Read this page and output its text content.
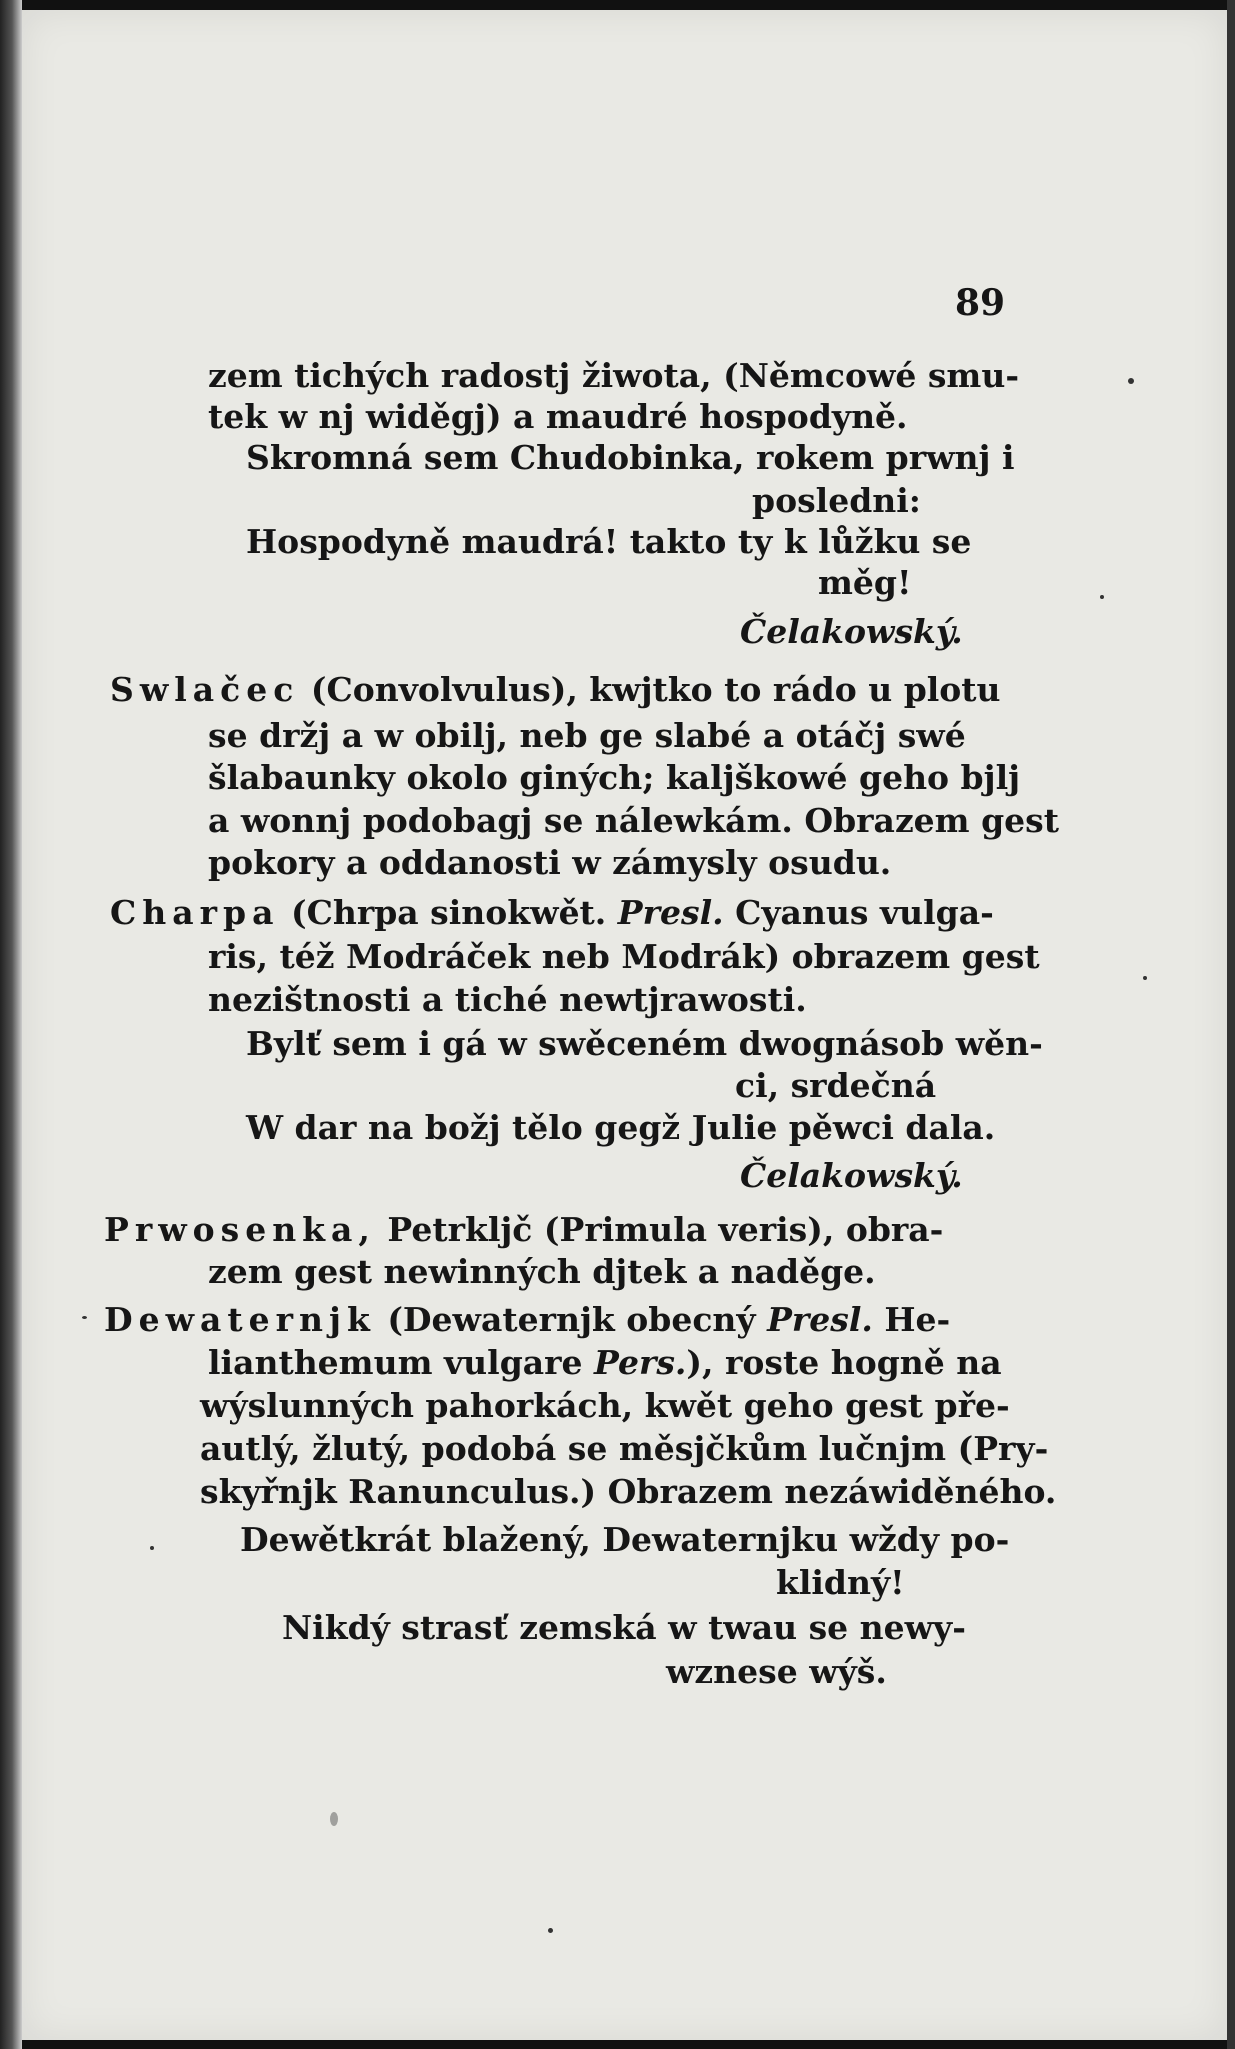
89
zem tichých radostj žiwota, (Němcowé smu-
tek w nj widěgj) a maudré hospodyně.
Skromná sem Chudobinka, rokem prwnj i
posledni:
Hospodyně maudrá! takto ty k lůžku se
měg!
Čelakowský.
Swlačec (Convolvulus), kwjtko to rádo u plotu
se držj a w obilj, neb ge slabé a otáčj swé
šlabaunky okolo giných; kaljškowé geho bjlj
a wonnj podobagj se nálewkám. Obrazem gest
pokory a oddanosti w zámysly osudu.
Charpa (Chrpa sinokwět. Presl. Cyanus vulga-
ris, též Modráček neb Modrák) obrazem gest
nezištnosti a tiché newtjrawosti.
Bylť sem i gá w swěceném dwognásob wěn-
ci, srdečná
W dar na božj tělo gegž Julie pěwci dala.
Čelakowský.
Prwosenka, Petrkljč (Primula veris), obra-
zem gest newinných djtek a naděge.
Dewaternjk (Dewaternjk obecný Presl. He-
lianthemum vulgare Pers.), roste hogně na
wýslunných pahorkách, kwět geho gest pře-
autlý, žlutý, podobá se měsjčkům lučnjm (Pry-
skyřnjk Ranunculus.) Obrazem nezáwiděného.
Dewětkrát blažený, Dewaternjku wždy po-
klidný!
Nikdý strasť zemská w twau se newy-
wznese wýš.
